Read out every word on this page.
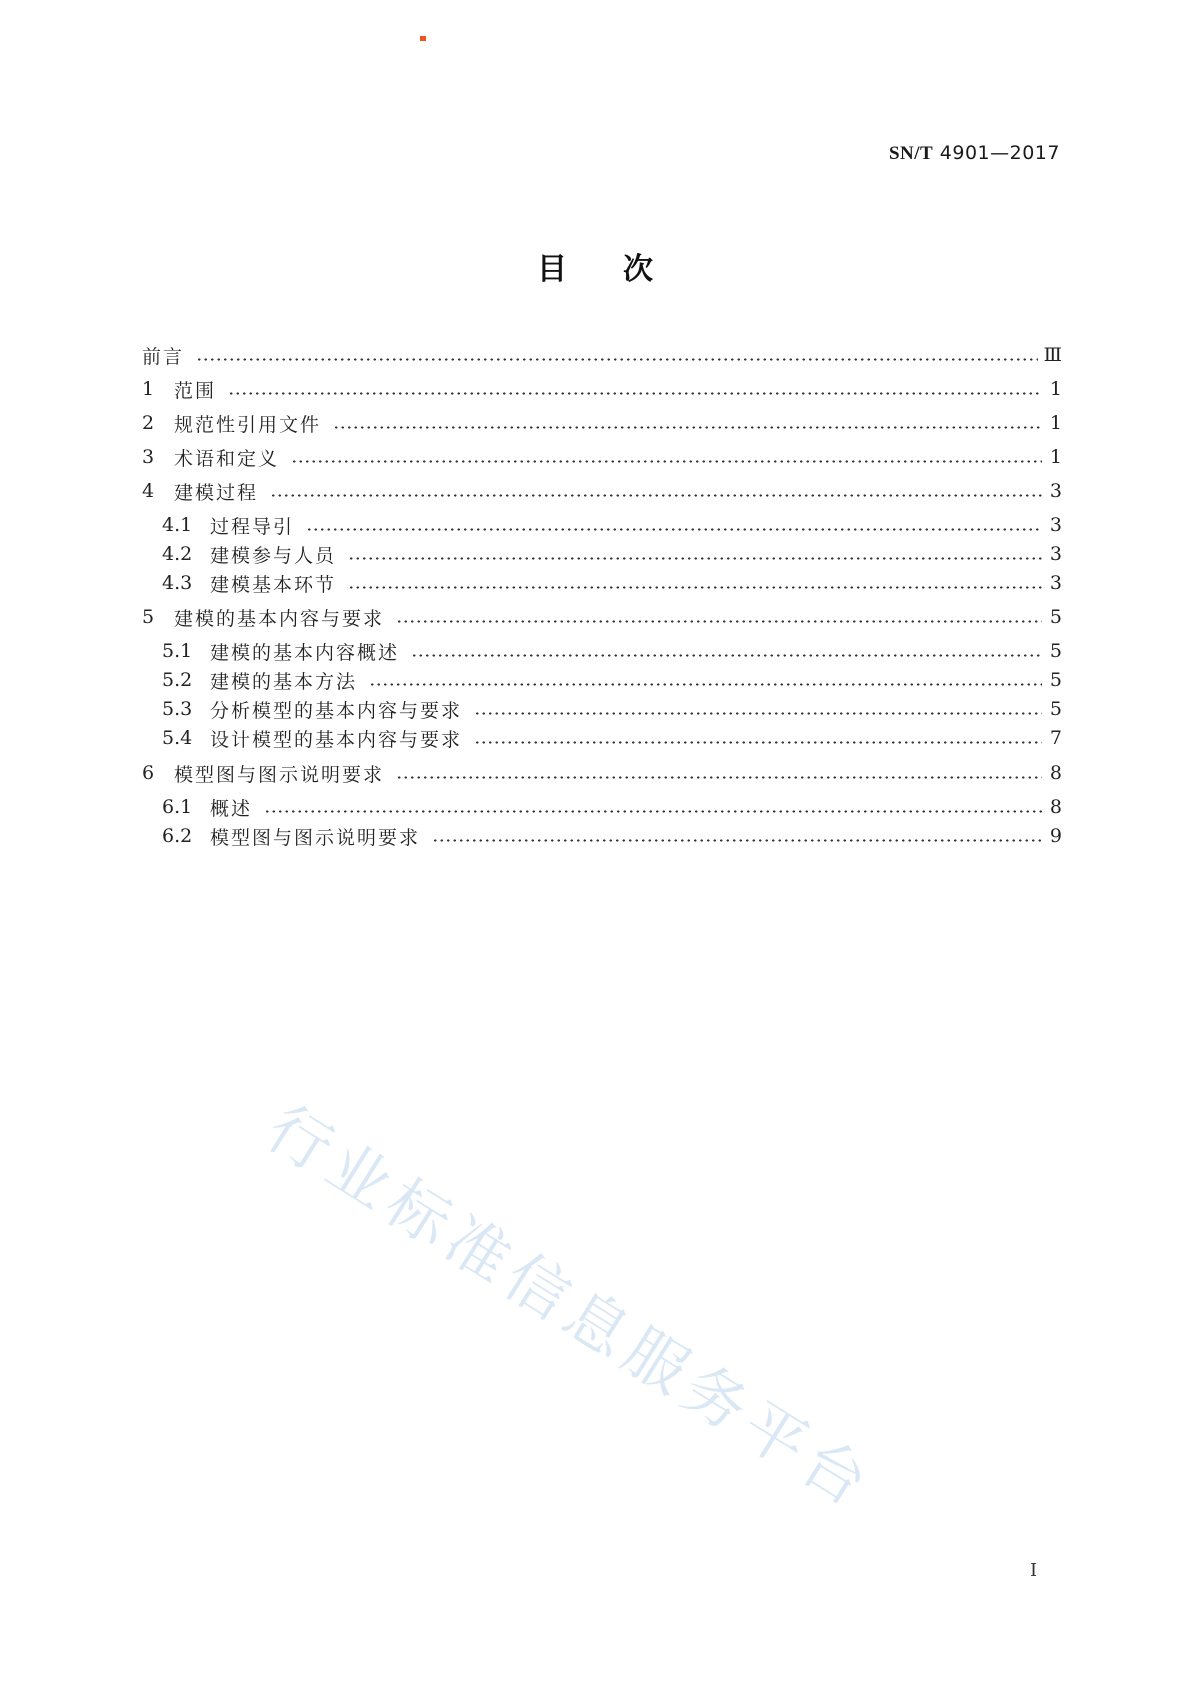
SN/T 4901—2017
目次
前言	Ⅲ
1	范围	1
2	规范性引用文件	1
3	术语和定义	1
4	建模过程	3
4.1 过程导引	3
4.2 建模参与人员	3
4.3 建模基本环节	3
5	建模的基本内容与要求	5
5.1 建模的基本内容概述	5
5.2 建模的基本方法	5
5.3 分析模型的基本内容与要求	5
5.4 设计模型的基本内容与要求	7
6	模型图与图示说明要求	8
6.1 概述	8
6.2 模型图与图示说明要求	9
行业标准信息服务平台
I
